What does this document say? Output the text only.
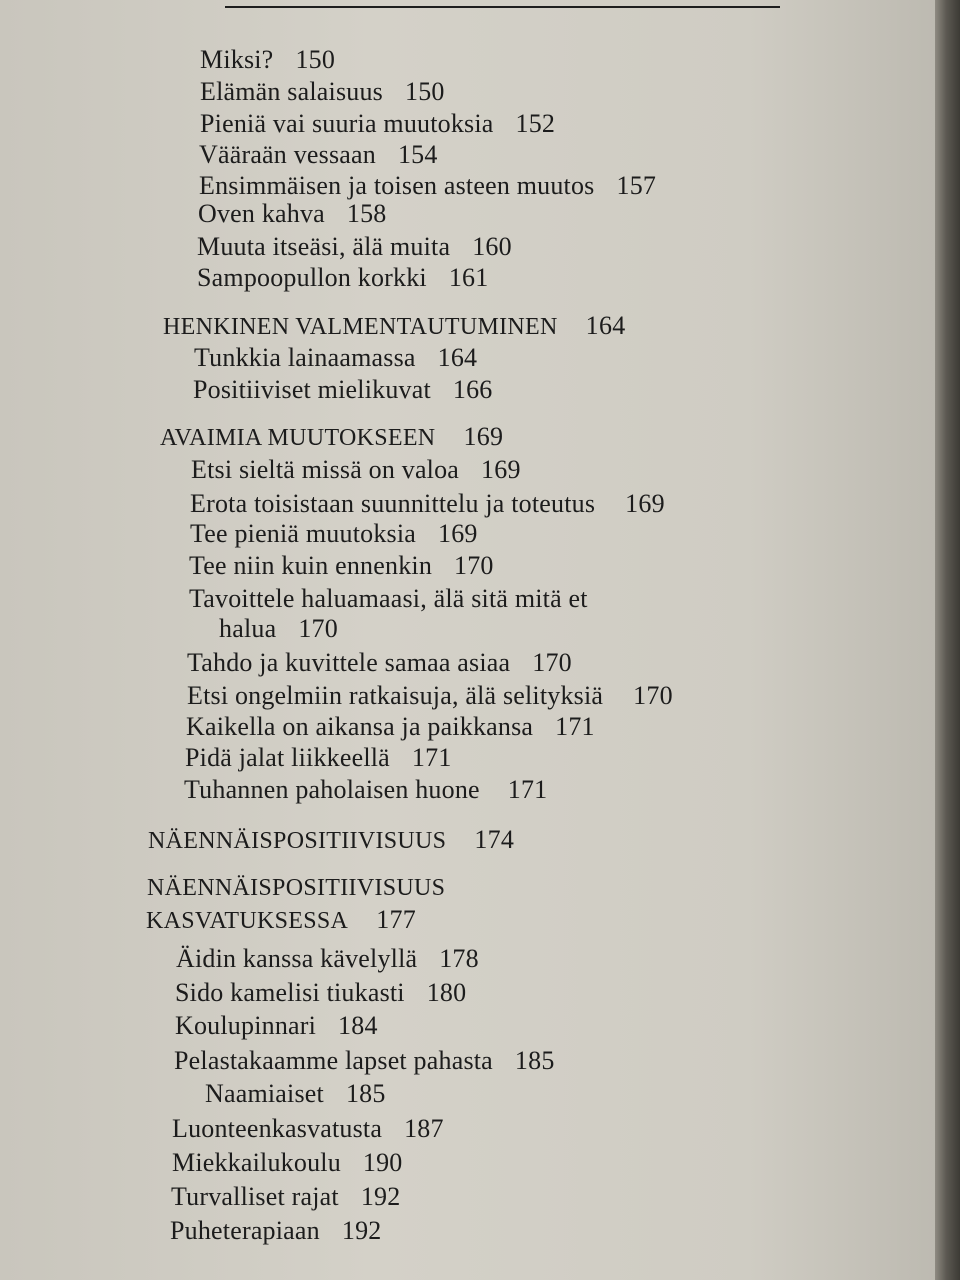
Miksi? 150
Elämän salaisuus 150
Pieniä vai suuria muutoksia 152
Vääraän vessaan 154
Ensimmäisen ja toisen asteen muutos 157
Oven kahva 158
Muuta itseäsi, älä muita 160
Sampoopullon korkki 161
HENKINEN VALMENTAUTUMINEN 164
Tunkkia lainaamassa 164
Positiiviset mielikuvat 166
AVAIMIA MUUTOKSEEN 169
Etsi sieltä missä on valoa 169
Erota toisistaan suunnittelu ja toteutus 169
Tee pieniä muutoksia 169
Tee niin kuin ennenkin 170
Tavoittele haluamaasi, älä sitä mitä et
halua 170
Tahdo ja kuvittele samaa asiaa 170
Etsi ongelmiin ratkaisuja, älä selityksiä 170
Kaikella on aikansa ja paikkansa 171
Pidä jalat liikkeellä 171
Tuhannen paholaisen huone 171
NÄENNÄISPOSITIIVISUUS 174
NÄENNÄISPOSITIIVISUUS
KASVATUKSESSA 177
Äidin kanssa kävelyllä 178
Sido kamelisi tiukasti 180
Koulupinnari 184
Pelastakaamme lapset pahasta 185
Naamiaiset 185
Luonteenkasvatusta 187
Miekkailukoulu 190
Turvalliset rajat 192
Puheterapiaan 192
